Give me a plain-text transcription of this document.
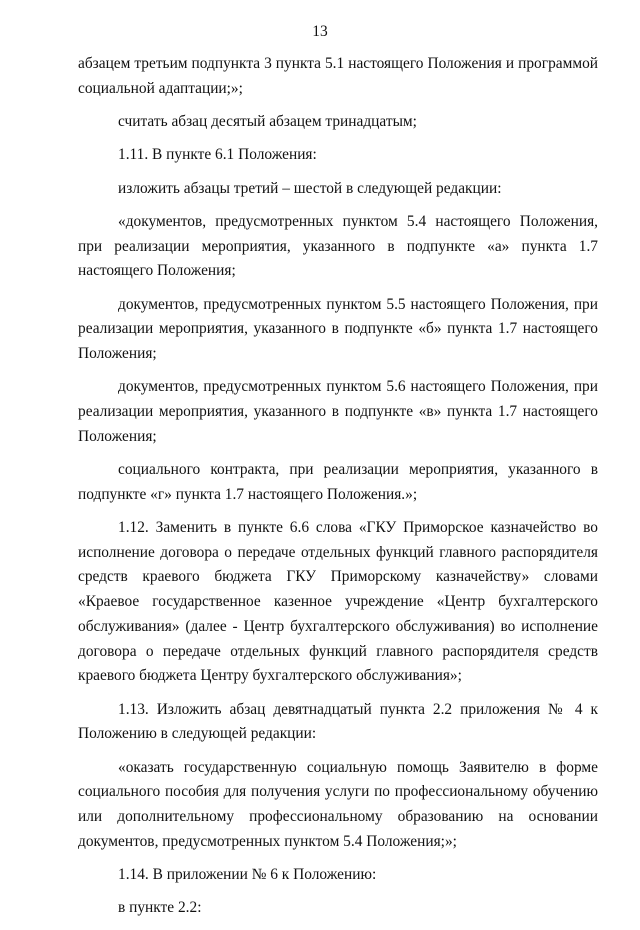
13

абзацем третьим подпункта 3 пункта 5.1 настоящего Положения и программой социальной адаптации;»;

считать абзац десятый абзацем тринадцатым;

1.11. В пункте 6.1 Положения:

изложить абзацы третий – шестой в следующей редакции:

«документов, предусмотренных пунктом 5.4 настоящего Положения, при реализации мероприятия, указанного в подпункте «а» пункта 1.7 настоящего Положения;

документов, предусмотренных пунктом 5.5 настоящего Положения, при реализации мероприятия, указанного в подпункте «б» пункта 1.7 настоящего Положения;

документов, предусмотренных пунктом 5.6 настоящего Положения, при реализации мероприятия, указанного в подпункте «в» пункта 1.7 настоящего Положения;

социального контракта, при реализации мероприятия, указанного в подпункте «г» пункта 1.7 настоящего Положения.»;

1.12. Заменить в пункте 6.6 слова «ГКУ Приморское казначейство во исполнение договора о передаче отдельных функций главного распорядителя средств краевого бюджета ГКУ Приморскому казначейству» словами «Краевое государственное казенное учреждение «Центр бухгалтерского обслуживания» (далее - Центр бухгалтерского обслуживания) во исполнение договора о передаче отдельных функций главного распорядителя средств краевого бюджета Центру бухгалтерского обслуживания»;

1.13. Изложить абзац девятнадцатый пункта 2.2 приложения № 4 к Положению в следующей редакции:

«оказать государственную социальную помощь Заявителю в форме социального пособия для получения услуги по профессиональному обучению или дополнительному профессиональному образованию на основании документов, предусмотренных пунктом 5.4 Положения;»;

1.14. В приложении № 6 к Положению:

в пункте 2.2:
